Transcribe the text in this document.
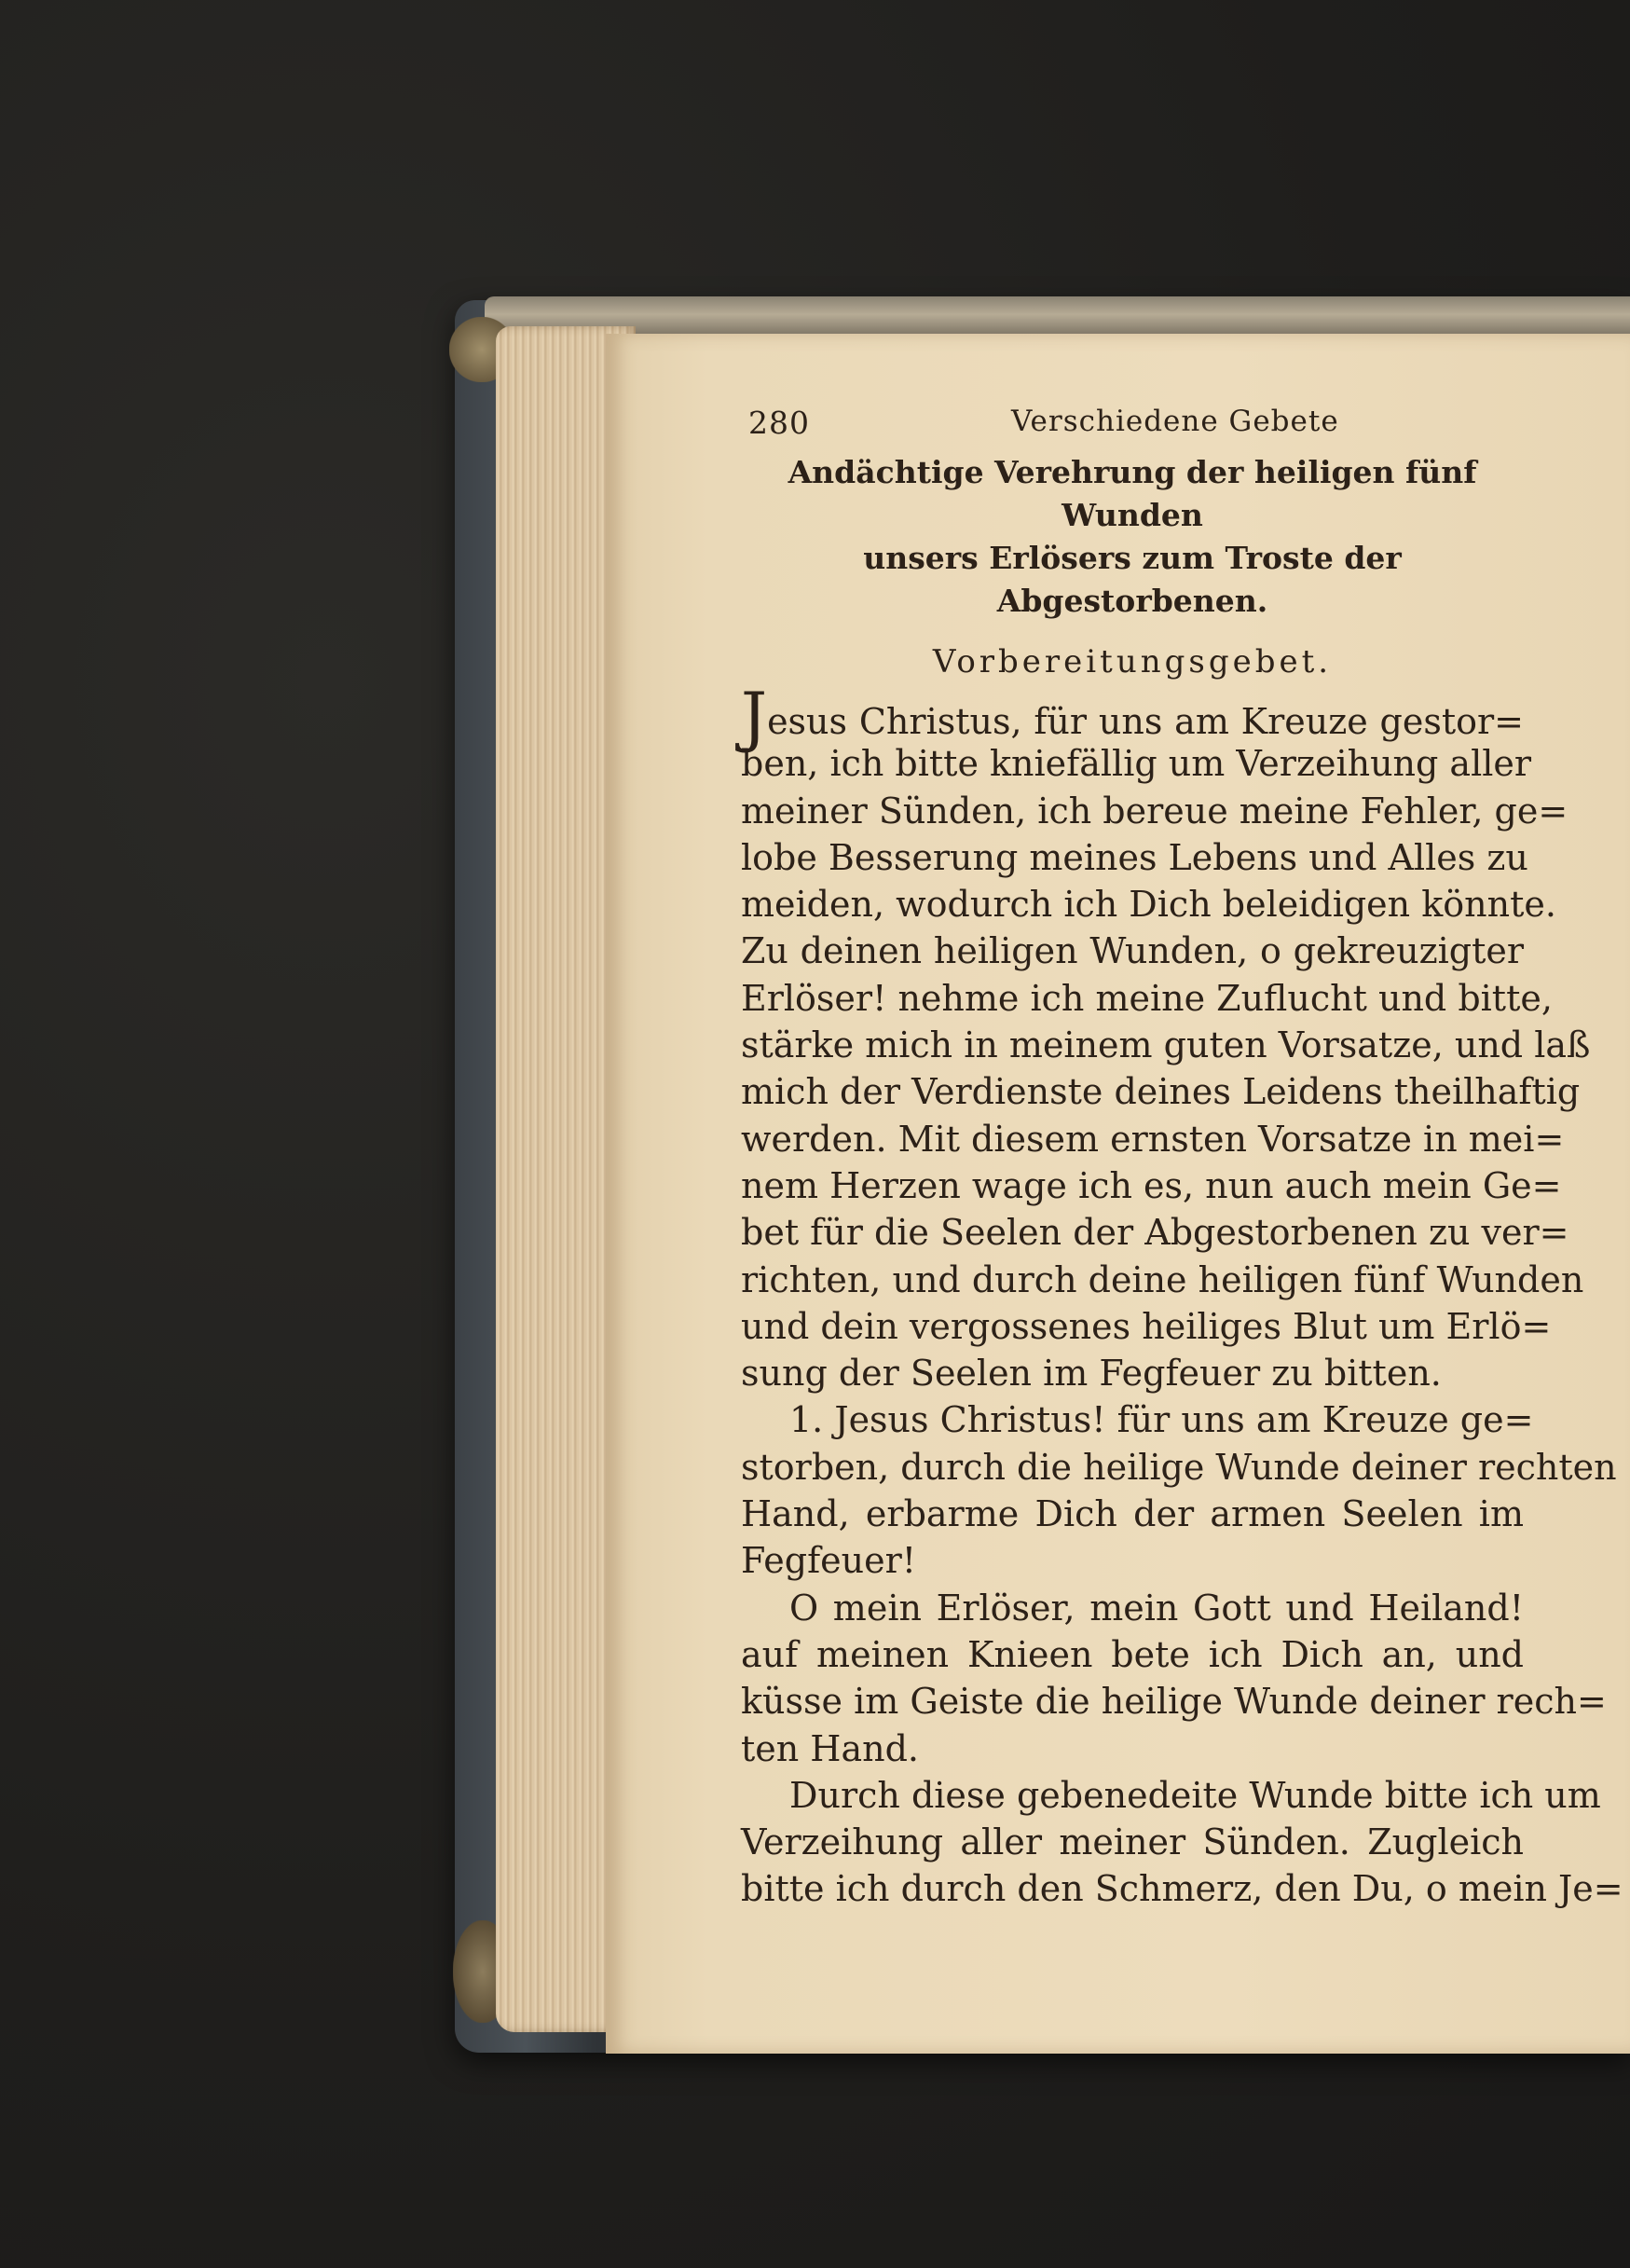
280	Verschiedene Gebete
Andächtige Verehrung der heiligen fünf Wunden
unsers Erlösers zum Troste der Abgestorbenen.
Vorbereitungsgebet.
Jesus Christus, für uns am Kreuze gestor=
ben, ich bitte kniefällig um Verzeihung aller
meiner Sünden, ich bereue meine Fehler, ge=
lobe Besserung meines Lebens und Alles zu
meiden, wodurch ich Dich beleidigen könnte.
Zu deinen heiligen Wunden, o gekreuzigter
Erlöser! nehme ich meine Zuflucht und bitte,
stärke mich in meinem guten Vorsatze, und laß
mich der Verdienste deines Leidens theilhaftig
werden. Mit diesem ernsten Vorsatze in mei=
nem Herzen wage ich es, nun auch mein Ge=
bet für die Seelen der Abgestorbenen zu ver=
richten, und durch deine heiligen fünf Wunden
und dein vergossenes heiliges Blut um Erlö=
sung der Seelen im Fegfeuer zu bitten.
1. Jesus Christus! für uns am Kreuze ge=
storben, durch die heilige Wunde deiner rechten
Hand, erbarme Dich der armen Seelen im
Fegfeuer!
O mein Erlöser, mein Gott und Heiland!
auf meinen Knieen bete ich Dich an, und
küsse im Geiste die heilige Wunde deiner rech=
ten Hand.
Durch diese gebenedeite Wunde bitte ich um
Verzeihung aller meiner Sünden. Zugleich
bitte ich durch den Schmerz, den Du, o mein Je=
